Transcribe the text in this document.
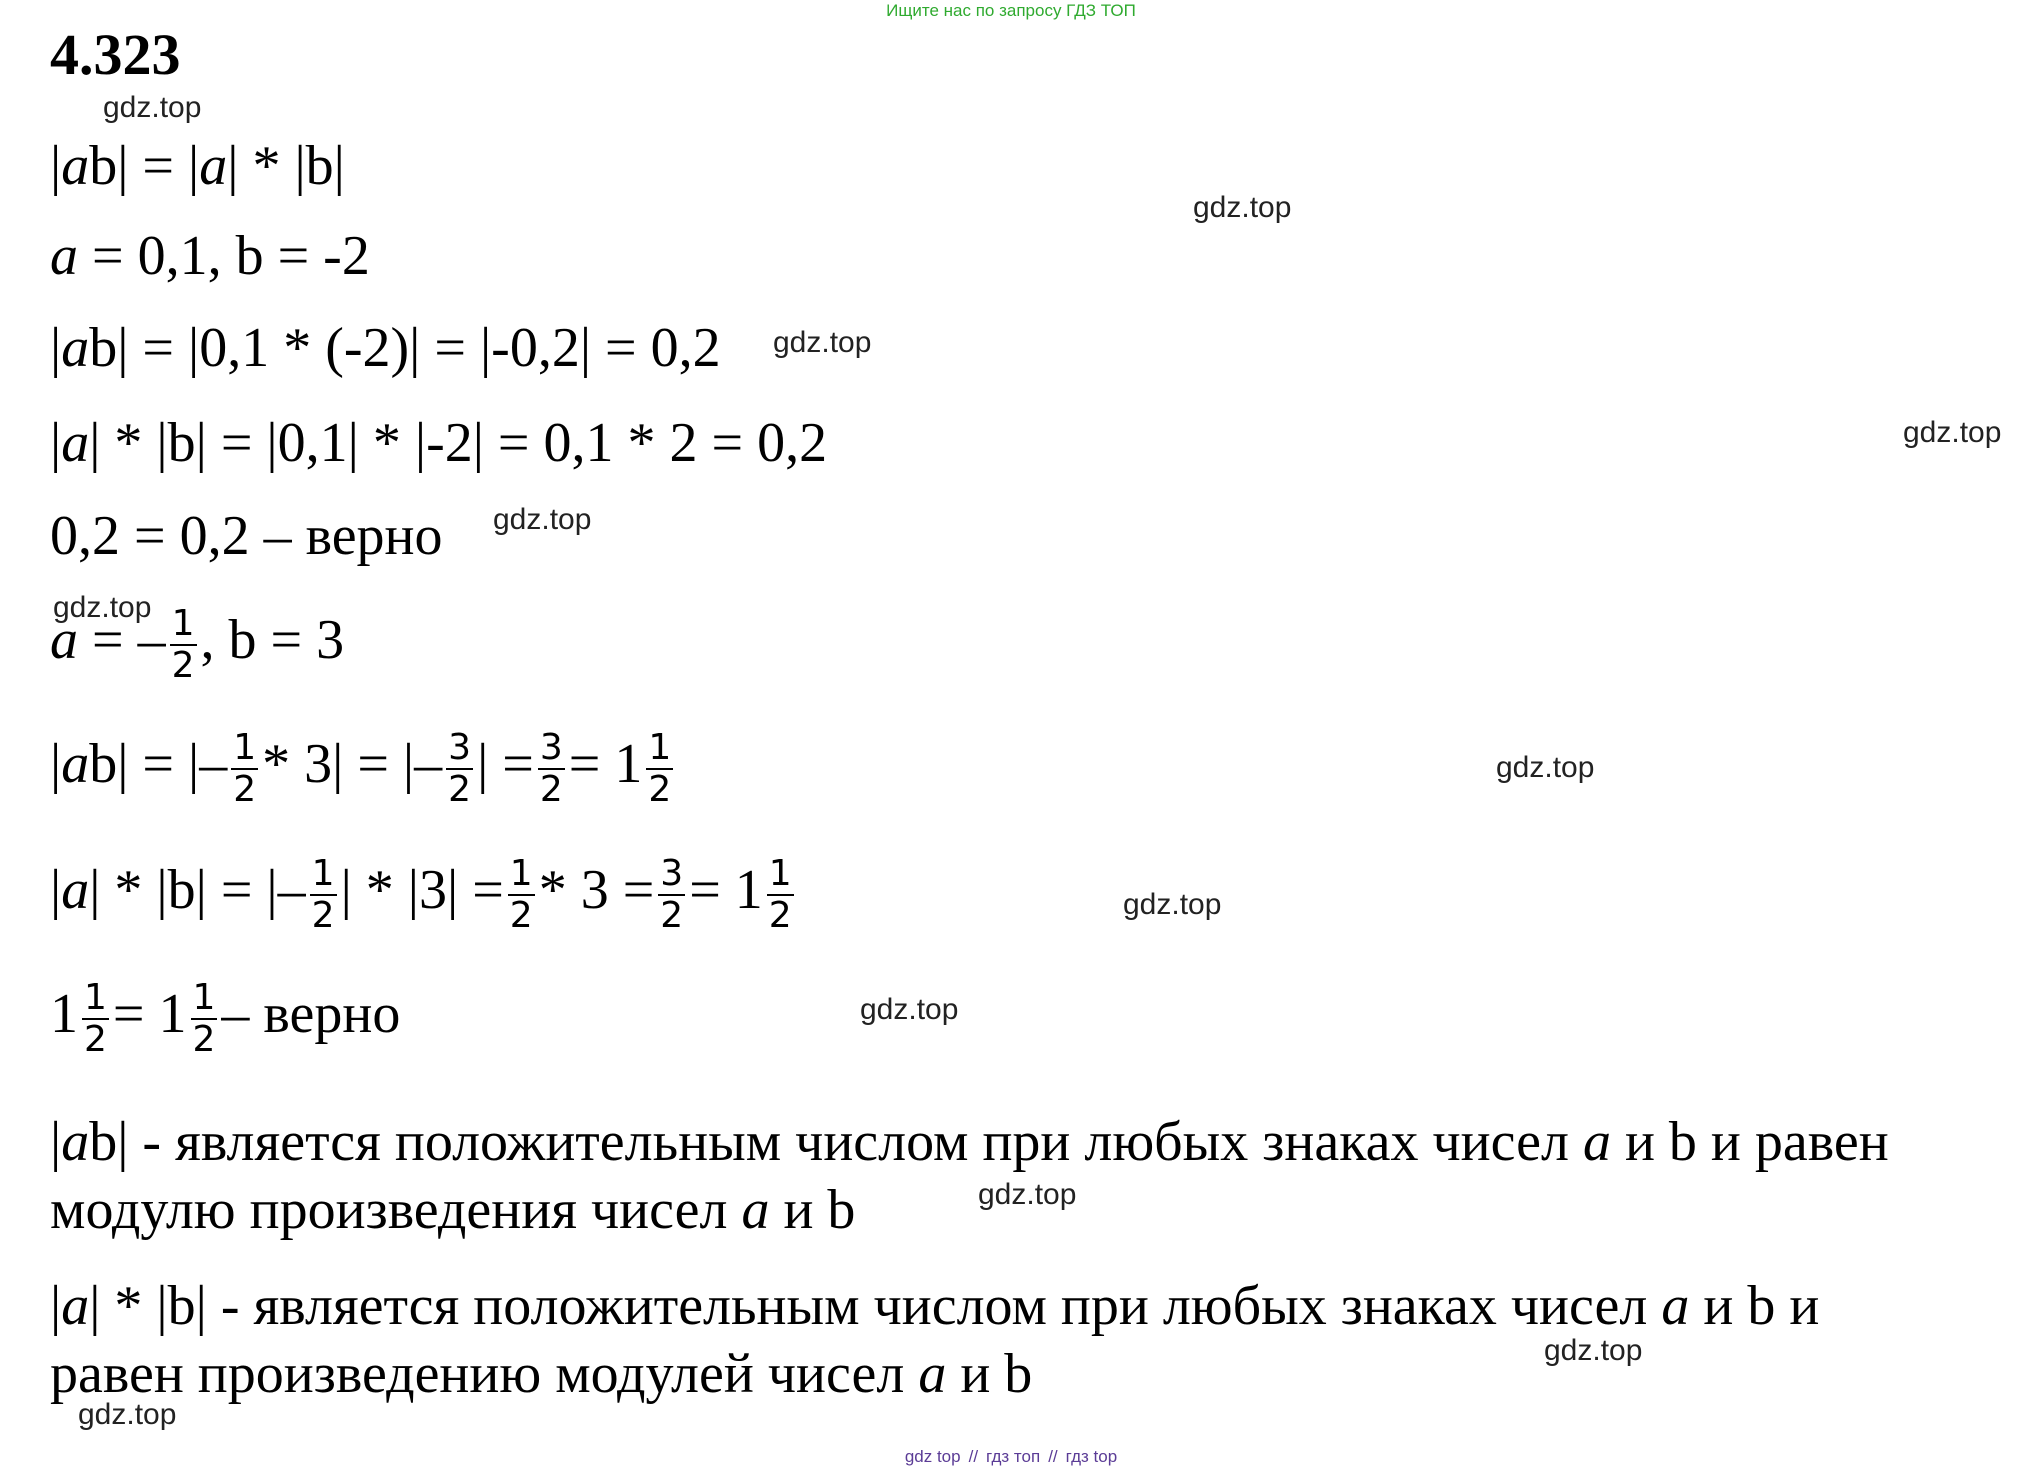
Ищите нас по запросу ГДЗ ТОП
4.323
gdz.top
gdz.top
gdz.top
gdz.top
gdz.top
gdz.top
gdz.top
gdz.top
gdz.top
gdz.top
gdz.top
gdz.top
|ab| = |a| * |b|
a = 0,1, b = -2
|ab| = |0,1 * (-2)| = |-0,2| = 0,2
|a| * |b| = |0,1| * |-2| = 0,1 * 2 = 0,2
0,2 = 0,2 – верно
a = – $\frac{1}{2}$ , b = 3
|ab| = |– $\frac{1}{2} * 3|$ = |– $\frac{3}{2}$ | = $\frac{3}{2} = 1 \frac{1}{2}$
|a| * |b| = |– $\frac{1}{2}$ | * $|3| = \frac{1}{2} * 3 = \frac{3}{2} = 1 \frac{1}{2}$
$1 \frac{1}{2} = 1 \frac{1}{2}$ – верно
|ab| - является положительным числом при любых знаках чисел a и b и равен
модулю произведения чисел a и b
|a| * |b| - является положительным числом при любых знаках чисел a и b и
равен произведению модулей чисел a и b
gdz top // гдз топ // гдз top
